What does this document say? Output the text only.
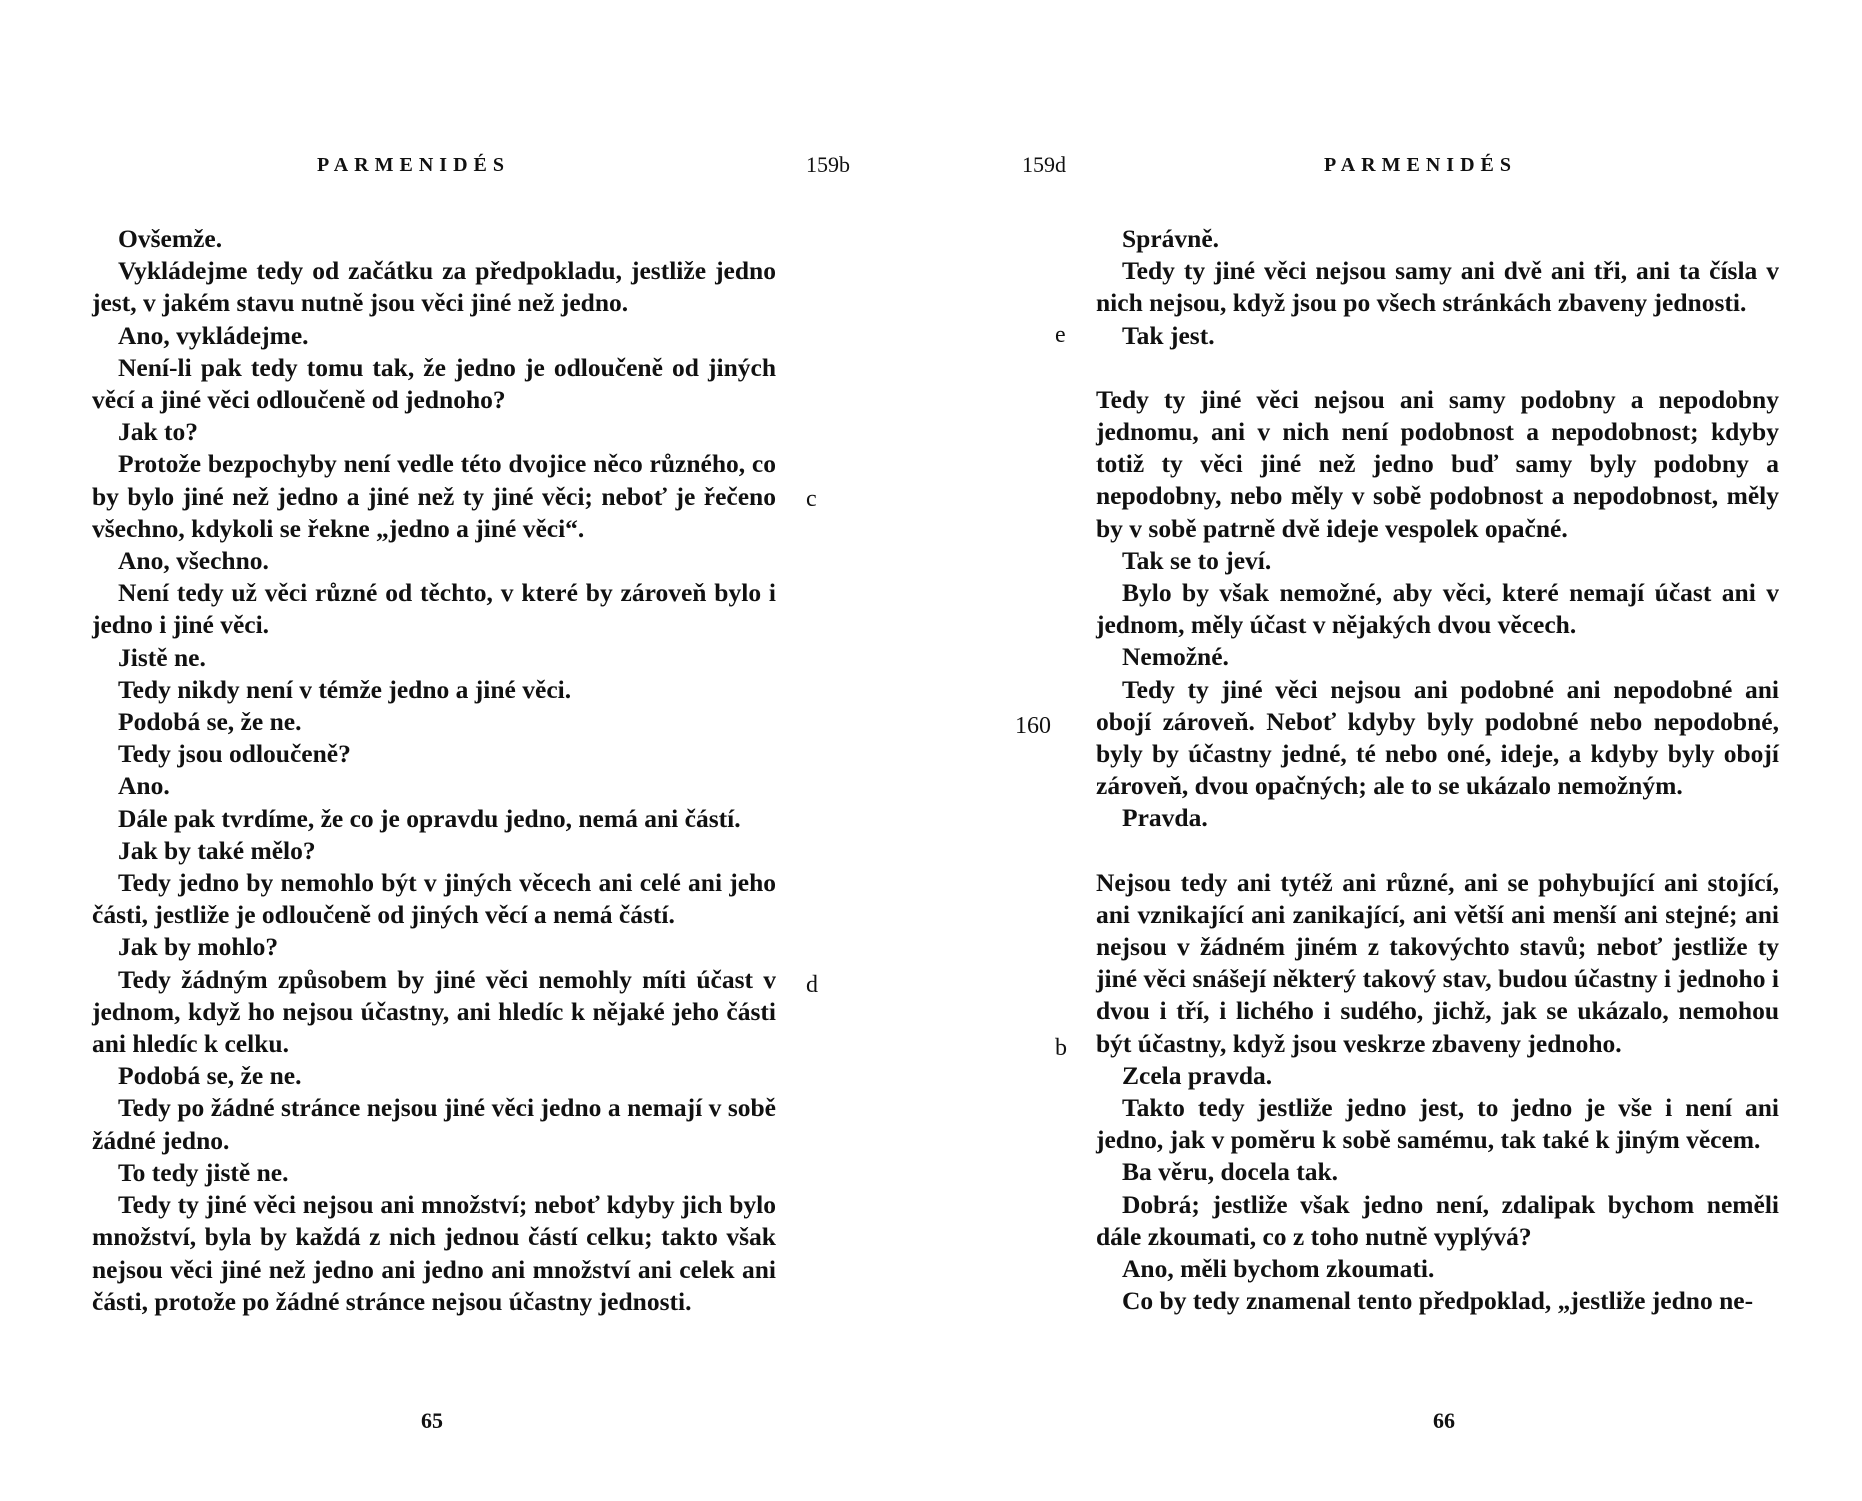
PARMENIDÉS	159b

Ovšemže.

Vykládejme tedy od začátku za předpokladu, jestliže jedno jest, v jakém stavu nutně jsou věci jiné než jedno.

Ano, vykládejme.

Není-li pak tedy tomu tak, že jedno je odloučeně od jiných věcí a jiné věci odloučeně od jednoho?

Jak to?

Protože bezpochyby není vedle této dvojice něco různého, co by bylo jiné než jedno a jiné než ty jiné věci; neboť je řečeno všechno, kdykoli se řekne „jedno a jiné věci“.

Ano, všechno.

Není tedy už věci různé od těchto, v které by zároveň bylo i jedno i jiné věci.

Jistě ne.

Tedy nikdy není v témže jedno a jiné věci.

Podobá se, že ne.

Tedy jsou odloučeně?

Ano.

Dále pak tvrdíme, že co je opravdu jedno, nemá ani částí.

Jak by také mělo?

Tedy jedno by nemohlo být v jiných věcech ani celé ani jeho části, jestliže je odloučeně od jiných věcí a nemá částí.

Jak by mohlo?

Tedy žádným způsobem by jiné věci nemohly míti účast v jednom, když ho nejsou účastny, ani hledíc k nějaké jeho části ani hledíc k celku.

Podobá se, že ne.

Tedy po žádné stránce nejsou jiné věci jedno a nemají v sobě žádné jedno.

To tedy jistě ne.

Tedy ty jiné věci nejsou ani množství; neboť kdyby jich bylo množství, byla by každá z nich jednou částí celku; takto však nejsou věci jiné než jedno ani jedno ani množství ani celek ani části, protože po žádné stránce nejsou účastny jednosti.

c
d
65
159d	PARMENIDÉS

Správně.

Tedy ty jiné věci nejsou samy ani dvě ani tři, ani ta čísla v nich nejsou, když jsou po všech stránkách zbaveny jednosti.

Tak jest.

Tedy ty jiné věci nejsou ani samy podobny a nepodobny jednomu, ani v nich není podobnost a nepodobnost; kdyby totiž ty věci jiné než jedno buď samy byly podobny a nepodobny, nebo měly v sobě podobnost a nepodobnost, měly by v sobě patrně dvě ideje vespolek opačné.

Tak se to jeví.

Bylo by však nemožné, aby věci, které nemají účast ani v jednom, měly účast v nějakých dvou věcech.

Nemožné.

Tedy ty jiné věci nejsou ani podobné ani nepodobné ani obojí zároveň. Neboť kdyby byly podobné nebo nepodobné, byly by účastny jedné, té nebo oné, ideje, a kdyby byly obojí zároveň, dvou opačných; ale to se ukázalo nemožným.

Pravda.

Nejsou tedy ani tytéž ani různé, ani se pohybující ani stojící, ani vznikající ani zanikající, ani větší ani menší ani stejné; ani nejsou v žádném jiném z takovýchto stavů; neboť jestliže ty jiné věci snášejí některý takový stav, budou účastny i jednoho i dvou i tří, i lichého i sudého, jichž, jak se ukázalo, nemohou být účastny, když jsou veskrze zbaveny jednoho.

Zcela pravda.

Takto tedy jestliže jedno jest, to jedno je vše i není ani jedno, jak v poměru k sobě samému, tak také k jiným věcem.

Ba věru, docela tak.

Dobrá; jestliže však jedno není, zdalipak bychom neměli dále zkoumati, co z toho nutně vyplývá?

Ano, měli bychom zkoumati.

Co by tedy znamenal tento předpoklad, „jestliže jedno ne-

e
160
b
66
